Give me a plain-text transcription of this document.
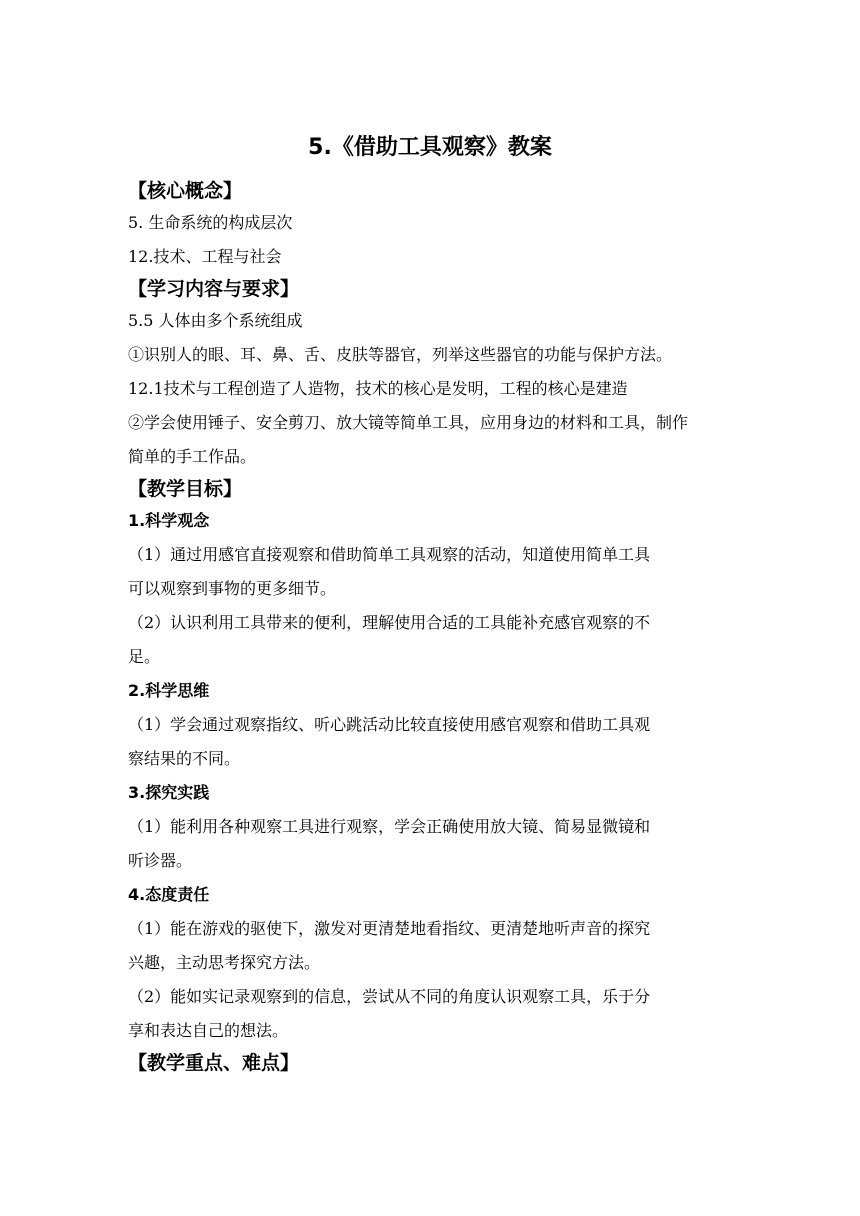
5.《借助工具观察》教案

【核心概念】

5. 生命系统的构成层次

12.技术、工程与社会

【学习内容与要求】

5.5 人体由多个系统组成

①识别人的眼、耳、鼻、舌、皮肤等器官，列举这些器官的功能与保护方法。

12.1技术与工程创造了人造物，技术的核心是发明，工程的核心是建造

②学会使用锤子、安全剪刀、放大镜等简单工具，应用身边的材料和工具，制作

简单的手工作品。

【教学目标】

1.科学观念

（1）通过用感官直接观察和借助简单工具观察的活动，知道使用简单工具

可以观察到事物的更多细节。

（2）认识利用工具带来的便利，理解使用合适的工具能补充感官观察的不

足。

2.科学思维

（1）学会通过观察指纹、听心跳活动比较直接使用感官观察和借助工具观

察结果的不同。

3.探究实践

（1）能利用各种观察工具进行观察，学会正确使用放大镜、简易显微镜和

听诊器。

4.态度责任

（1）能在游戏的驱使下，激发对更清楚地看指纹、更清楚地听声音的探究

兴趣，主动思考探究方法。

（2）能如实记录观察到的信息，尝试从不同的角度认识观察工具，乐于分

享和表达自己的想法。

【教学重点、难点】
